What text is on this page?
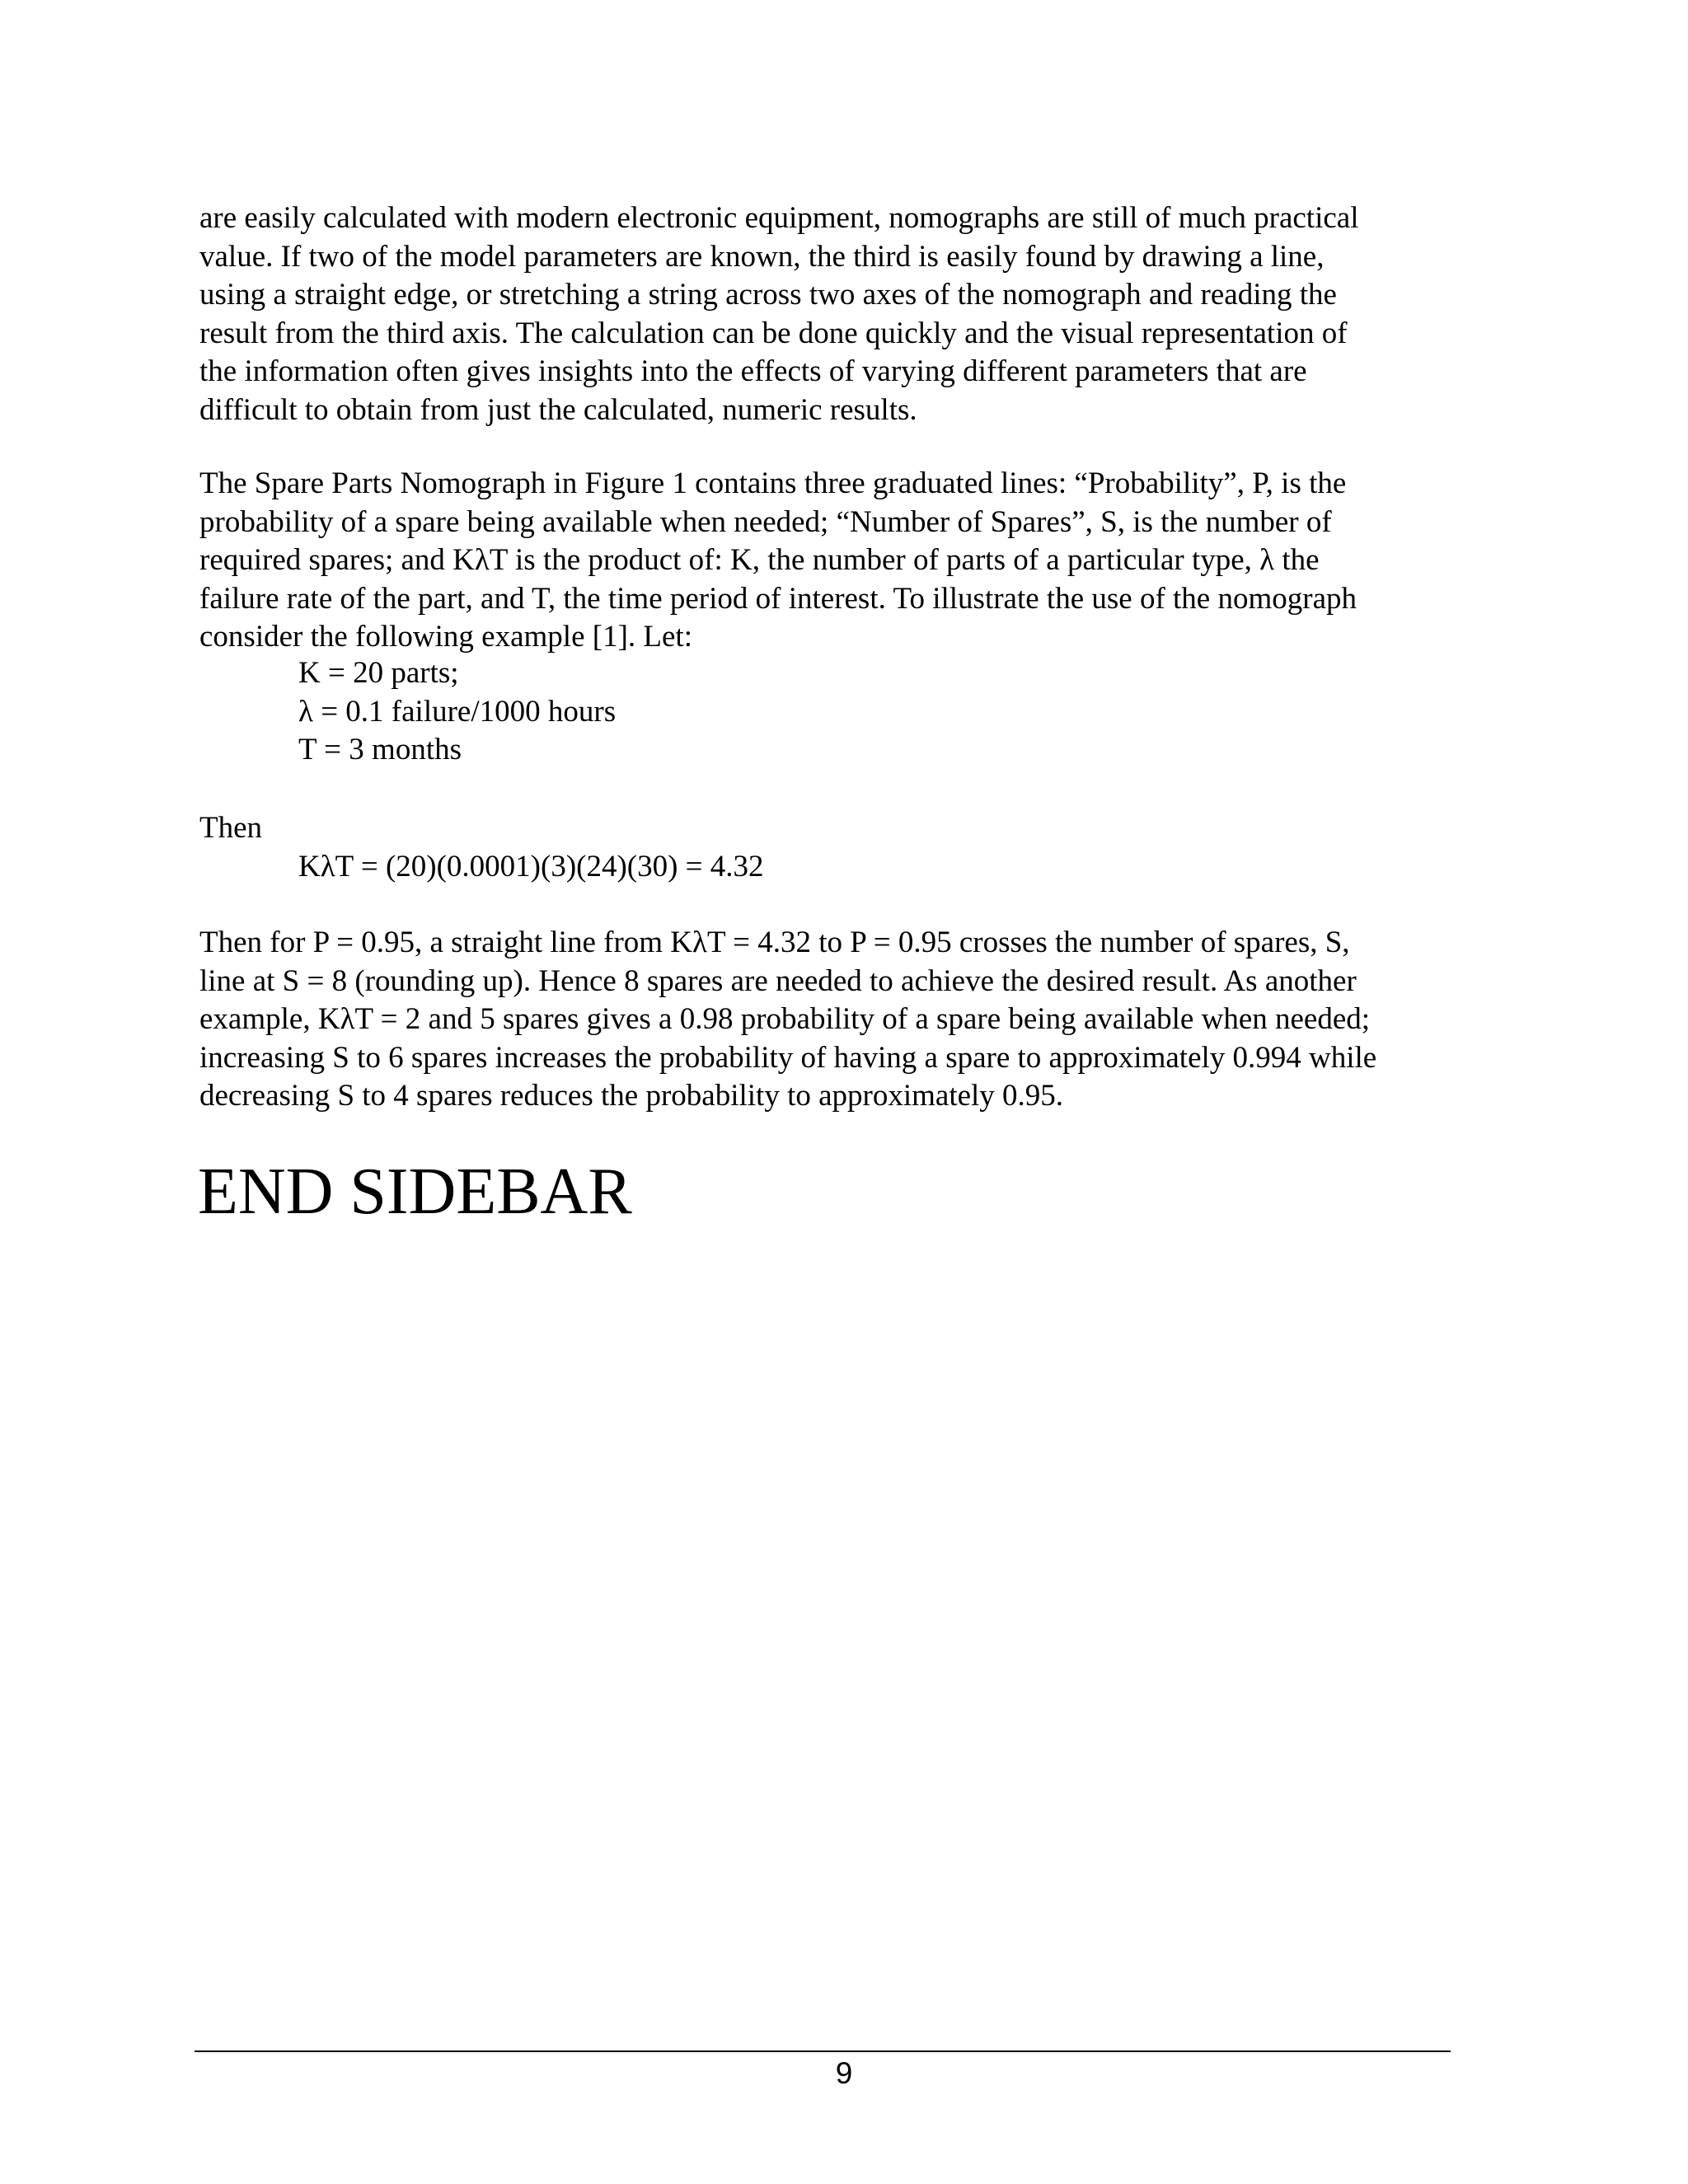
are easily calculated with modern electronic equipment, nomographs are still of much practical
value. If two of the model parameters are known, the third is easily found by drawing a line,
using a straight edge, or stretching a string across two axes of the nomograph and reading the
result from the third axis. The calculation can be done quickly and the visual representation of
the information often gives insights into the effects of varying different parameters that are
difficult to obtain from just the calculated, numeric results.

The Spare Parts Nomograph in Figure 1 contains three graduated lines: “Probability”, P, is the
probability of a spare being available when needed; “Number of Spares”, S, is the number of
required spares; and KλT is the product of: K, the number of parts of a particular type, λ the
failure rate of the part, and T, the time period of interest. To illustrate the use of the nomograph
consider the following example [1]. Let:

K = 20 parts;
λ = 0.1 failure/1000 hours
T = 3 months

Then

KλT = (20)(0.0001)(3)(24)(30) = 4.32

Then for P = 0.95, a straight line from KλT = 4.32 to P = 0.95 crosses the number of spares, S,
line at S = 8 (rounding up). Hence 8 spares are needed to achieve the desired result. As another
example, KλT = 2 and 5 spares gives a 0.98 probability of a spare being available when needed;
increasing S to 6 spares increases the probability of having a spare to approximately 0.994 while
decreasing S to 4 spares reduces the probability to approximately 0.95.

END SIDEBAR
9
